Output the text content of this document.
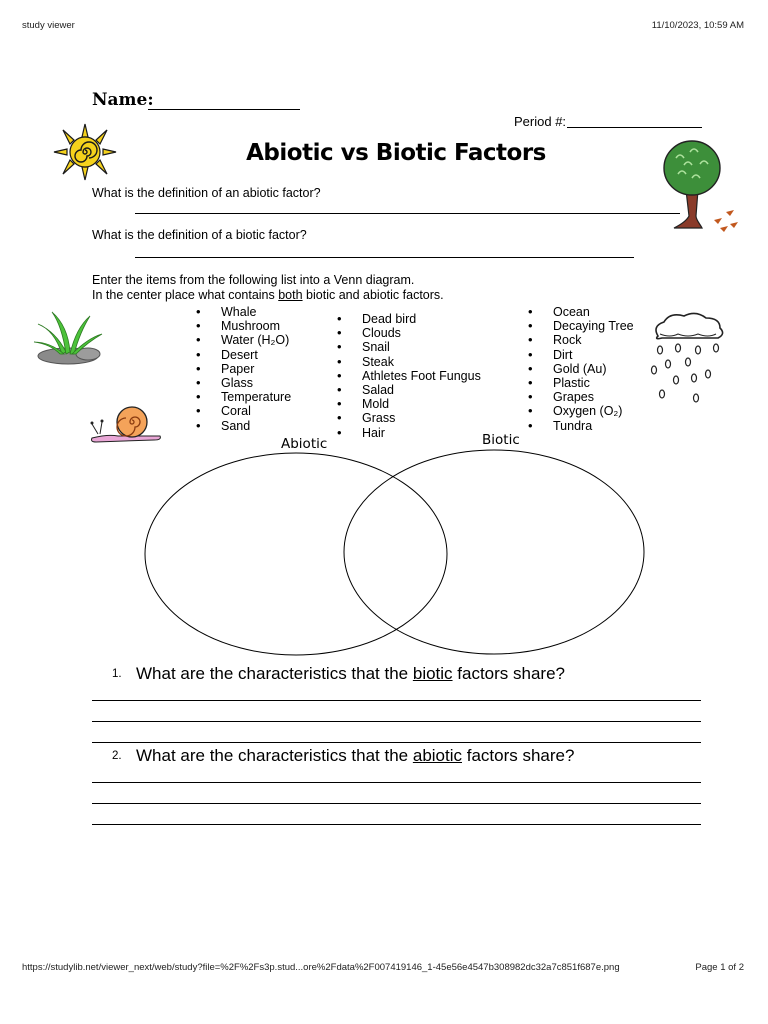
study viewer	11/10/2023, 10:59 AM
Name:
Period #:
Abiotic vs Biotic Factors
What is the definition of an abiotic factor?
What is the definition of a biotic factor?
Enter the items from the following list into a Venn diagram.
In the center place what contains both biotic and abiotic factors.
• Whale
• Mushroom
• Water (H₂O)
• Desert
• Paper
• Glass
• Temperature
• Coral
• Sand
• Dead bird
• Clouds
• Snail
• Steak
• Athletes Foot Fungus
• Salad
• Mold
• Grass
• Hair
• Ocean
• Decaying Tree
• Rock
• Dirt
• Gold (Au)
• Plastic
• Grapes
• Oxygen (O₂)
• Tundra
Abiotic	Biotic
1. What are the characteristics that the biotic factors share?
2. What are the characteristics that the abiotic factors share?
https://studylib.net/viewer_next/web/study?file=%2F%2Fs3p.stud...ore%2Fdata%2F007419146_1-45e56e4547b308982dc32a7c851f687e.png	Page 1 of 2
